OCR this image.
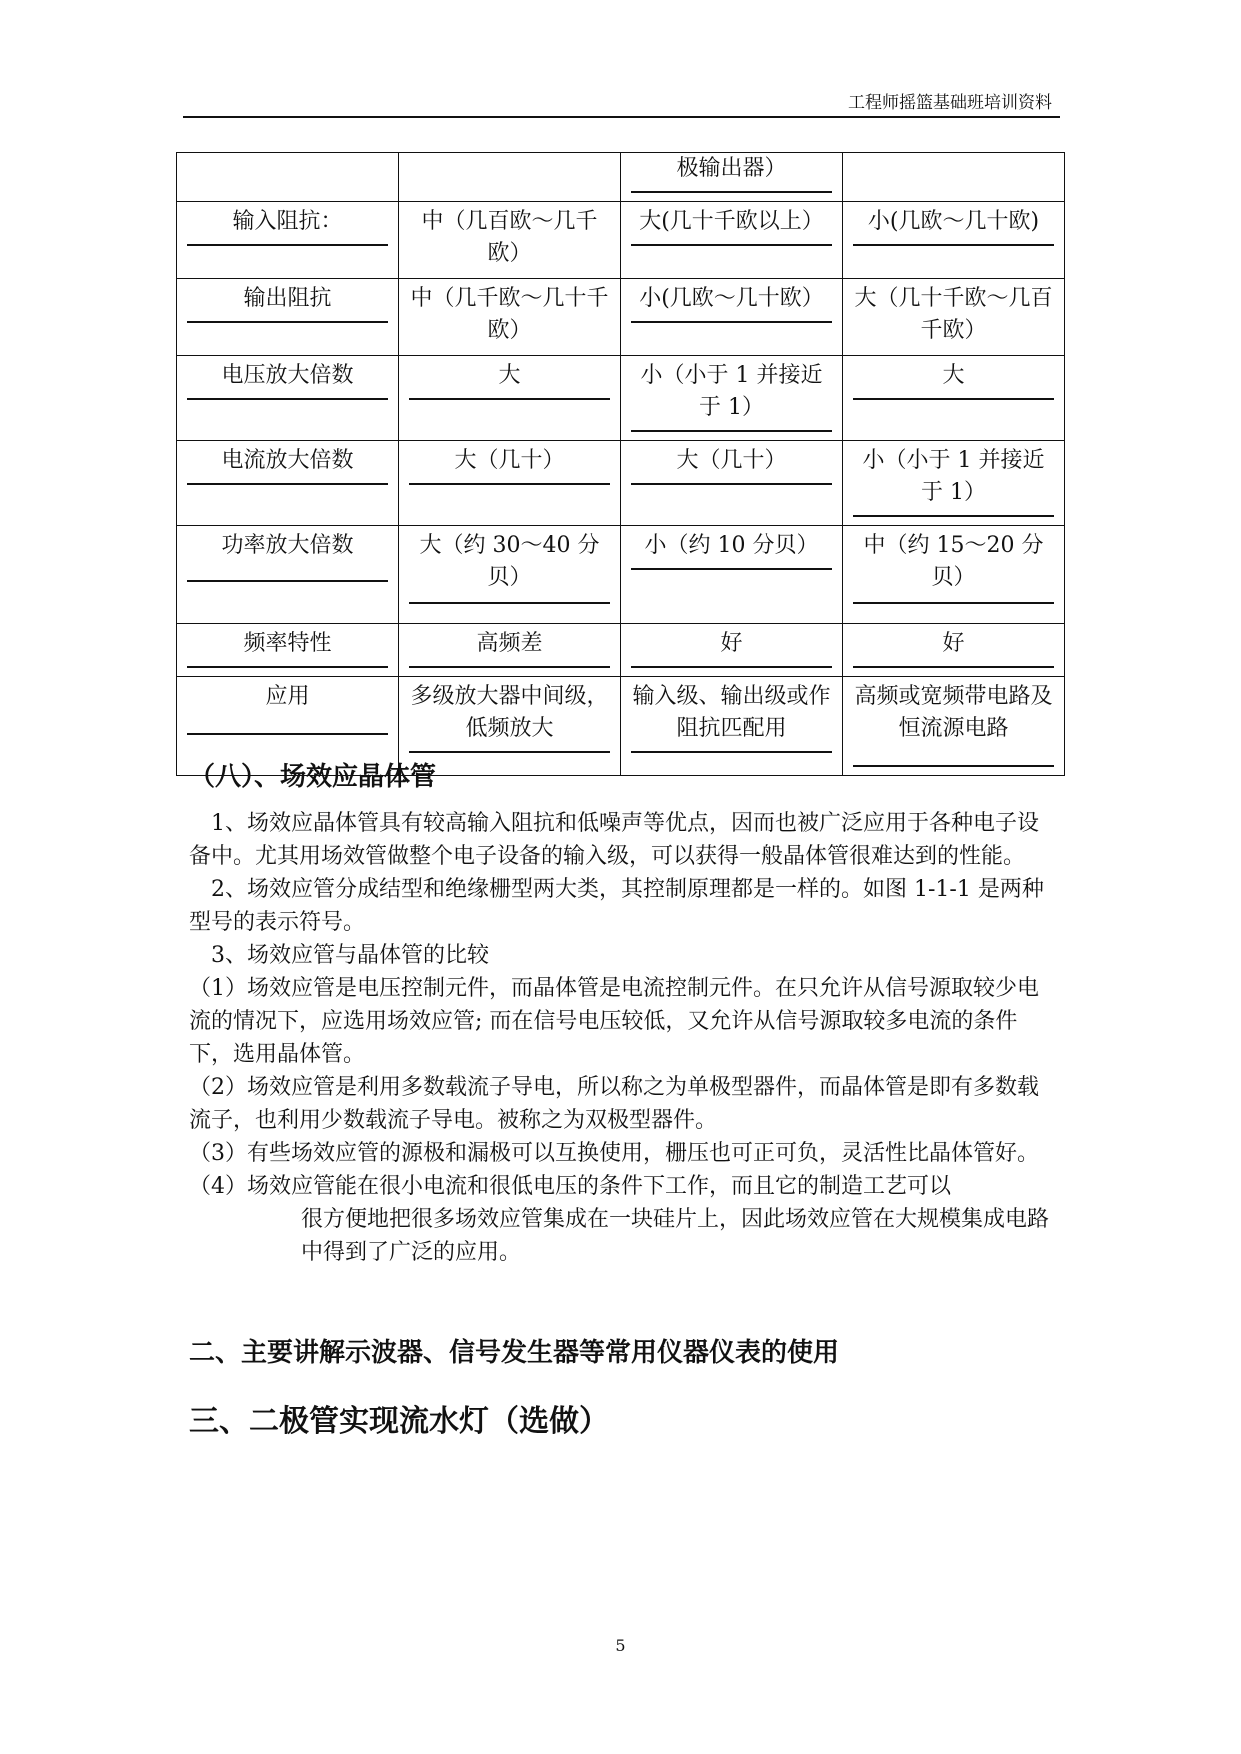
工程师摇篮基础班培训资料
		极输出器）	
输入阻抗：	中（几百欧～几千欧）	大(几十千欧以上）	小(几欧～几十欧)
输出阻抗	中（几千欧～几十千欧）	小(几欧～几十欧）	大（几十千欧～几百千欧）
电压放大倍数	大	小（小于 1 并接近于 1）	大
电流放大倍数	大（几十）	大（几十）	小（小于 1 并接近于 1）
功率放大倍数	大（约 30～40 分贝）	小（约 10 分贝）	中（约 15～20 分贝）
频率特性	高频差	好	好
应用	多级放大器中间级，低频放大	输入级、输出级或作阻抗匹配用	高频或宽频带电路及恒流源电路
（八）、场效应晶体管

1、场效应晶体管具有较高输入阻抗和低噪声等优点，因而也被广泛应用于各种电子设备中。尤其用场效管做整个电子设备的输入级，可以获得一般晶体管很难达到的性能。

2、场效应管分成结型和绝缘栅型两大类，其控制原理都是一样的。如图 1-1-1 是两种型号的表示符号。

3、场效应管与晶体管的比较

（1）场效应管是电压控制元件，而晶体管是电流控制元件。在只允许从信号源取较少电流的情况下，应选用场效应管; 而在信号电压较低，又允许从信号源取较多电流的条件下，选用晶体管。

（2）场效应管是利用多数载流子导电，所以称之为单极型器件，而晶体管是即有多数载流子，也利用少数载流子导电。被称之为双极型器件。

（3）有些场效应管的源极和漏极可以互换使用，栅压也可正可负，灵活性比晶体管好。

（4）场效应管能在很小电流和很低电压的条件下工作，而且它的制造工艺可以

很方便地把很多场效应管集成在一块硅片上，因此场效应管在大规模集成电路中得到了广泛的应用。

二、主要讲解示波器、信号发生器等常用仪器仪表的使用
三、二极管实现流水灯（选做）
5
